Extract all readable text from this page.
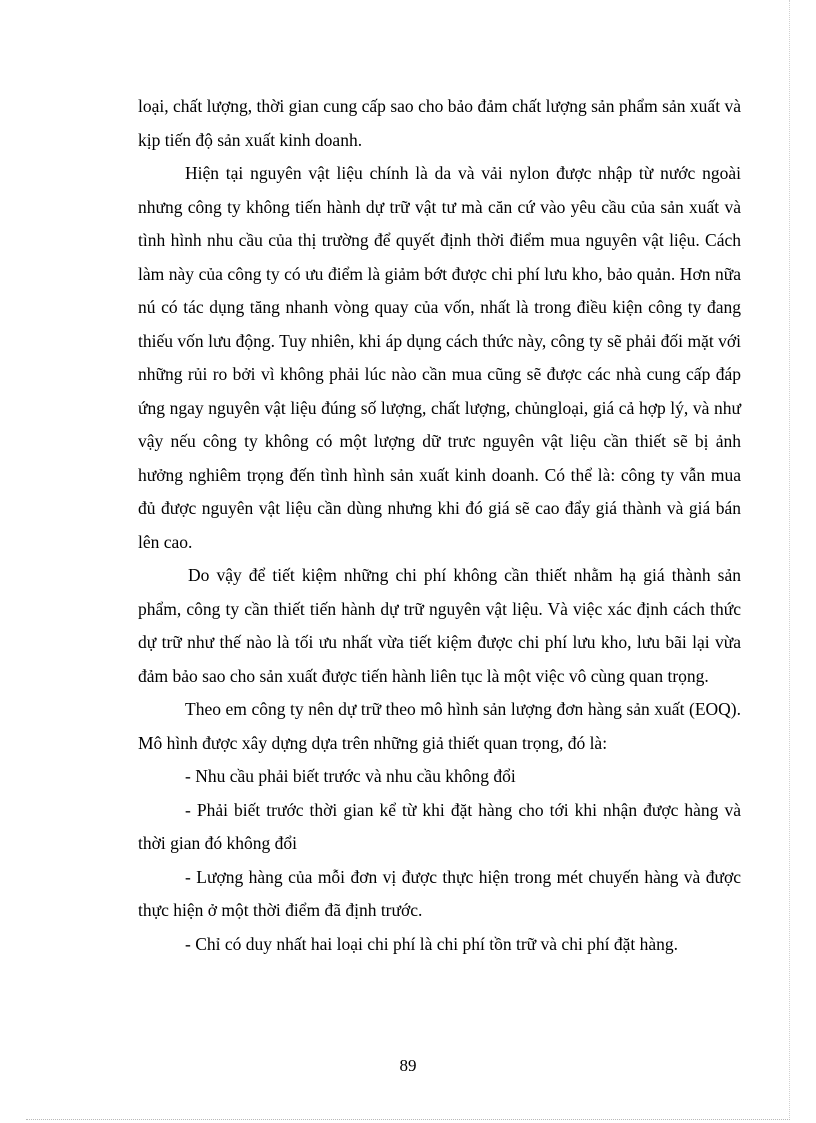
loại, chất lượng, thời gian cung cấp sao cho bảo đảm chất lượng sản phẩm sản xuất và kịp tiến độ sản xuất kinh doanh.

Hiện tại nguyên vật liệu chính là da và vải nylon được nhập từ nước ngoài nhưng công ty không tiến hành dự trữ vật tư mà căn cứ vào yêu cầu của sản xuất và tình hình nhu cầu của thị trường để quyết định thời điểm mua nguyên vật liệu. Cách làm này của công ty có ưu điểm là giảm bớt được chi phí lưu kho, bảo quản. Hơn nữa nú có tác dụng tăng nhanh vòng quay của vốn, nhất là trong điều kiện công ty đang thiếu vốn lưu động. Tuy nhiên, khi áp dụng cách thức này, công ty sẽ phải đối mặt với những rủi ro bởi vì không phải lúc nào cần mua cũng sẽ được các nhà cung cấp đáp ứng ngay nguyên vật liệu đúng số lượng, chất lượng, chủngloại, giá cả hợp lý, và như vậy nếu công ty không có một lượng dữ trưc nguyên vật liệu cần thiết sẽ bị ảnh hưởng nghiêm trọng đến tình hình sản xuất kinh doanh. Có thể là: công ty vẫn mua đủ được nguyên vật liệu cần dùng nhưng khi đó giá sẽ cao đẩy giá thành và giá bán lên cao.

Do vậy để tiết kiệm những chi phí không cần thiết nhằm hạ giá thành sản phẩm, công ty cần thiết tiến hành dự trữ nguyên vật liệu. Và việc xác định cách thức dự trữ như thế nào là tối ưu nhất vừa tiết kiệm được chi phí lưu kho, lưu bãi lại vừa đảm bảo sao cho sản xuất được tiến hành liên tục là một việc vô cùng quan trọng.

Theo em công ty nên dự trữ theo mô hình sản lượng đơn hàng sản xuất (EOQ). Mô hình được xây dựng dựa trên những giả thiết quan trọng, đó là:

- Nhu cầu phải biết trước và nhu cầu không đổi

- Phải biết trước thời gian kể từ khi đặt hàng cho tới khi nhận được hàng và thời gian đó không đổi

- Lượng hàng của mỗi đơn vị được thực hiện trong mét chuyến hàng và được thực hiện ở một thời điểm đã định trước.

- Chỉ có duy nhất hai loại chi phí là chi phí tồn trữ và chi phí đặt hàng.

89
